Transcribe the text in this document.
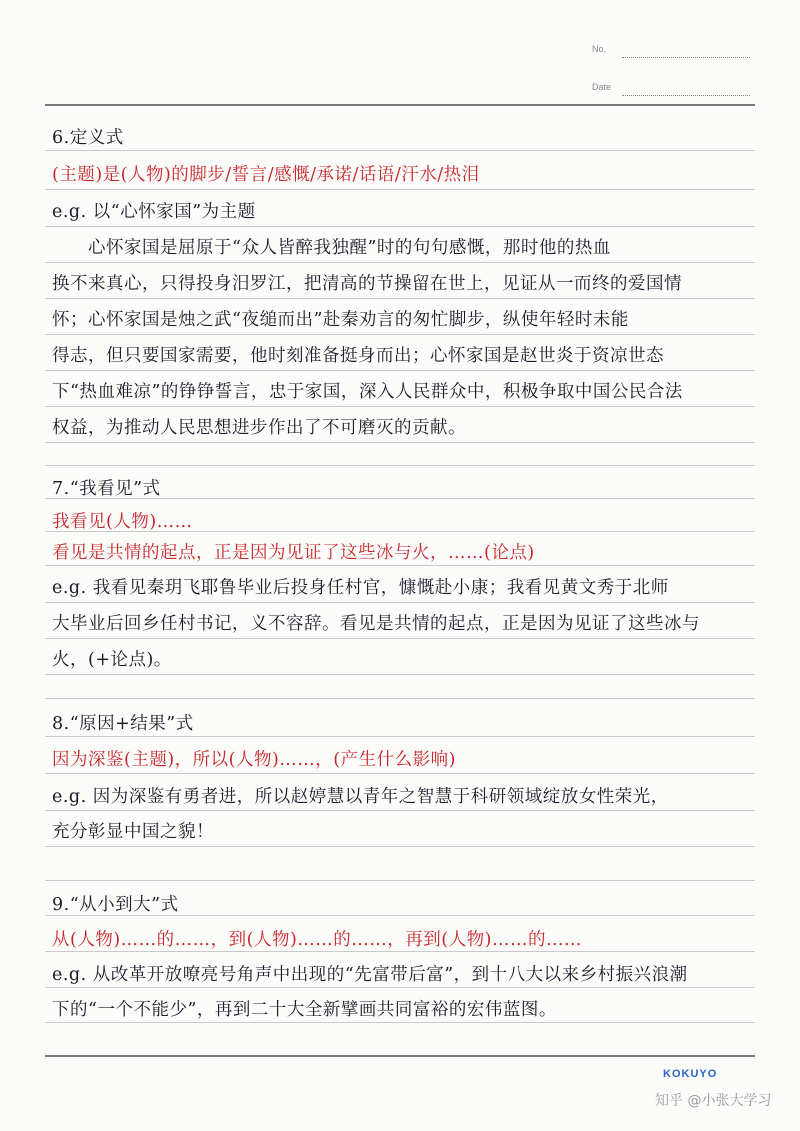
No.
Date
6.定义式
(主题)是(人物)的脚步/誓言/感慨/承诺/话语/汗水/热泪
e.g. 以“心怀家国”为主题
心怀家国是屈原于“众人皆醉我独醒”时的句句感慨，那时他的热血
换不来真心，只得投身汨罗江，把清高的节操留在世上，见证从一而终的爱国情
怀；心怀家国是烛之武“夜缒而出”赴秦劝言的匆忙脚步，纵使年轻时未能
得志，但只要国家需要，他时刻准备挺身而出；心怀家国是赵世炎于资凉世态
下“热血难凉”的铮铮誓言，忠于家国，深入人民群众中，积极争取中国公民合法
权益，为推动人民思想进步作出了不可磨灭的贡献。
7.“我看见”式
我看见(人物)……
看见是共情的起点，正是因为见证了这些冰与火，……(论点)
e.g. 我看见秦玥飞耶鲁毕业后投身任村官，慷慨赴小康；我看见黄文秀于北师
大毕业后回乡任村书记，义不容辞。看见是共情的起点，正是因为见证了这些冰与
火，(+论点)。
8.“原因+结果”式
因为深鉴(主题)，所以(人物)……，(产生什么影响)
e.g. 因为深鉴有勇者进，所以赵婷慧以青年之智慧于科研领域绽放女性荣光，
充分彰显中国之貌！
9.“从小到大”式
从(人物)……的……，到(人物)……的……，再到(人物)……的……
e.g. 从改革开放嘹亮号角声中出现的“先富带后富”，到十八大以来乡村振兴浪潮
下的“一个不能少”，再到二十大全新擘画共同富裕的宏伟蓝图。
KOKUYO
知乎 @小张大学习
